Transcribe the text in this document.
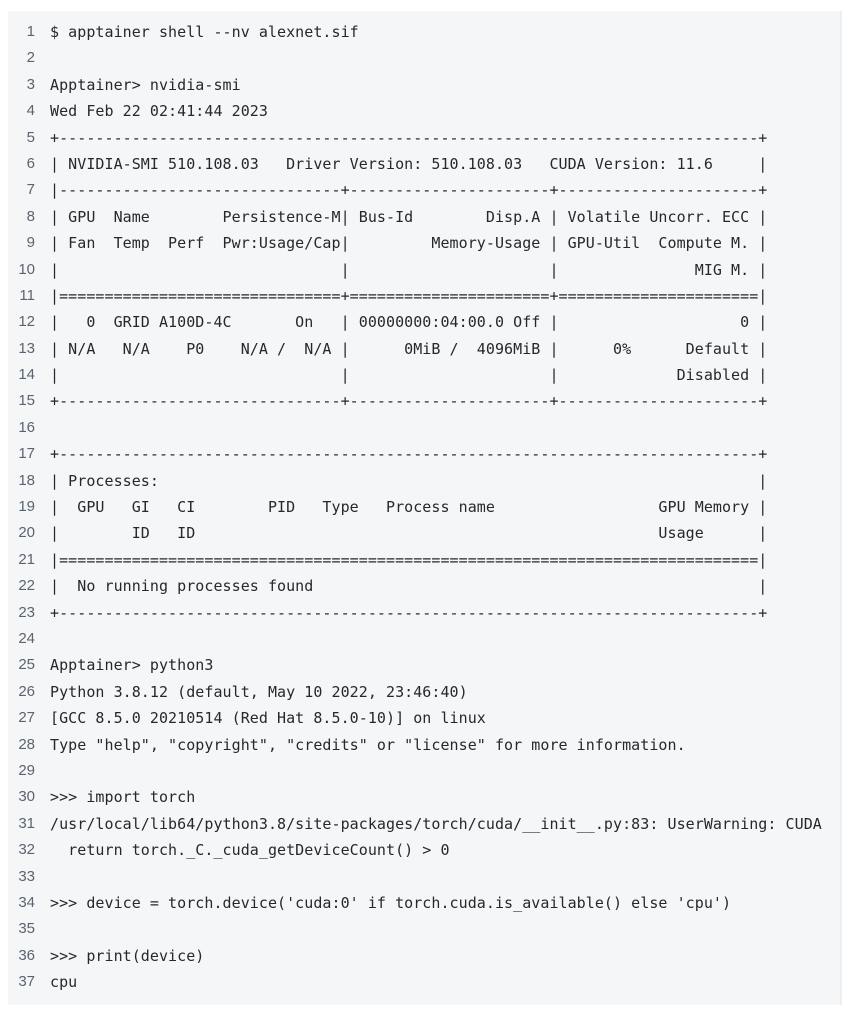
1 $ apptainer shell --nv alexnet.sif
2
3 Apptainer> nvidia-smi
4 Wed Feb 22 02:41:44 2023
5 +-----------------------------------------------------------------------------+
6 | NVIDIA-SMI 510.108.03   Driver Version: 510.108.03   CUDA Version: 11.6     |
7 |-------------------------------+----------------------+----------------------+
8 | GPU  Name        Persistence-M| Bus-Id        Disp.A | Volatile Uncorr. ECC |
9 | Fan  Temp  Perf  Pwr:Usage/Cap|         Memory-Usage | GPU-Util  Compute M. |
10 |                               |                      |               MIG M. |
11 |===============================+======================+======================|
12 |   0  GRID A100D-4C       On   | 00000000:04:00.0 Off |                    0 |
13 | N/A   N/A    P0    N/A /  N/A |      0MiB /  4096MiB |      0%      Default |
14 |                               |                      |             Disabled |
15 +-------------------------------+----------------------+----------------------+
16
17 +-----------------------------------------------------------------------------+
18 | Processes:                                                                  |
19 |  GPU   GI   CI        PID   Type   Process name                  GPU Memory |
20 |        ID   ID                                                   Usage      |
21 |=============================================================================|
22 |  No running processes found                                                 |
23 +-----------------------------------------------------------------------------+
24
25 Apptainer> python3
26 Python 3.8.12 (default, May 10 2022, 23:46:40)
27 [GCC 8.5.0 20210514 (Red Hat 8.5.0-10)] on linux
28 Type "help", "copyright", "credits" or "license" for more information.
29
30 >>> import torch
31 /usr/local/lib64/python3.8/site-packages/torch/cuda/__init__.py:83: UserWarning: CUDA
32 return torch._C._cuda_getDeviceCount() > 0
33
34 >>> device = torch.device('cuda:0' if torch.cuda.is_available() else 'cpu')
35
36 >>> print(device)
37 cpu
